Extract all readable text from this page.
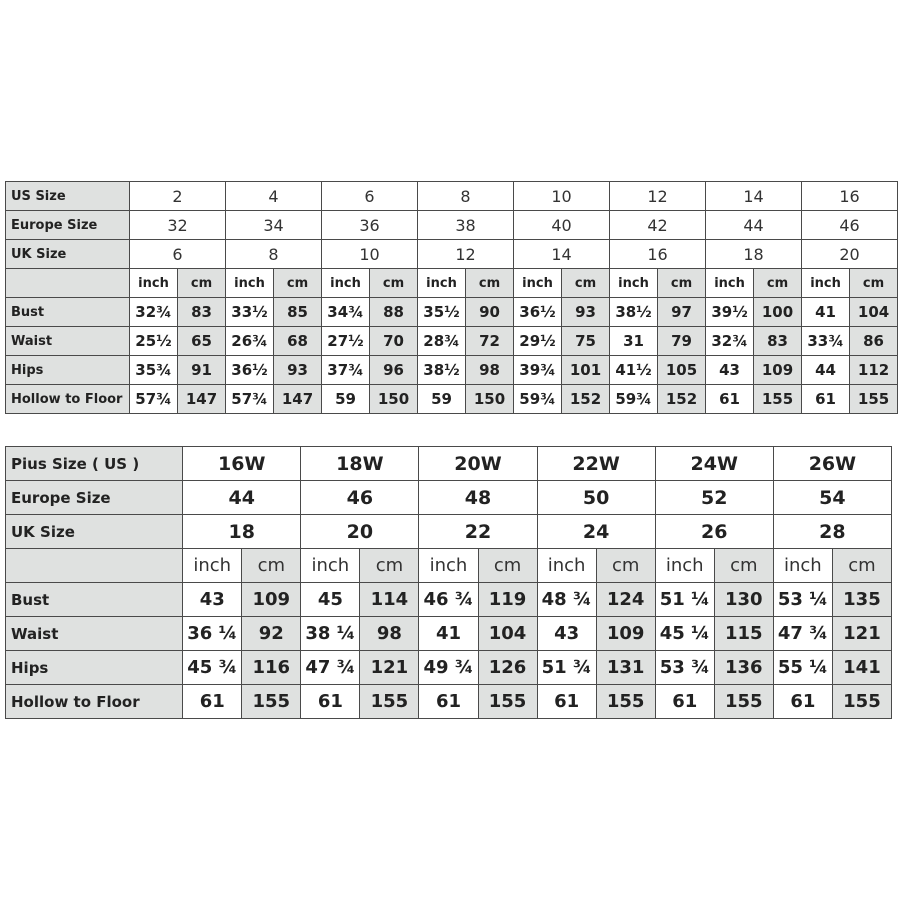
US Size	2		4		6		8		10		12		14		16	
Europe Size	32		34		36		38		40		42		44		46	
UK Size	6		8		10		12		14		16		18		20	
	inch	cm	inch	cm	inch	cm	inch	cm	inch	cm	inch	cm	inch	cm	inch	cm
Bust	32¾	83	33½	85	34¾	88	35½	90	36½	93	38½	97	39½	100	41	104
Waist	25½	65	26¾	68	27½	70	28¾	72	29½	75	31	79	32¾	83	33¾	86
Hips	35¾	91	36½	93	37¾	96	38½	98	39¾	101	41½	105	43	109	44	112
Hollow to Floor	57¾	147	57¾	147	59	150	59	150	59¾	152	59¾	152	61	155	61	155
Pius Size ( US )	16W		18W		20W		22W		24W		26W	
Europe Size	44		46		48		50		52		54	
UK Size	18		20		22		24		26		28	
	inch	cm	inch	cm	inch	cm	inch	cm	inch	cm	inch	cm
Bust	43	109	45	114	46 ¾	119	48 ¾	124	51 ¼	130	53 ¼	135
Waist	36 ¼	92	38 ¼	98	41	104	43	109	45 ¼	115	47 ¾	121
Hips	45 ¾	116	47 ¾	121	49 ¾	126	51 ¾	131	53 ¾	136	55 ¼	141
Hollow to Floor	61	155	61	155	61	155	61	155	61	155	61	155
